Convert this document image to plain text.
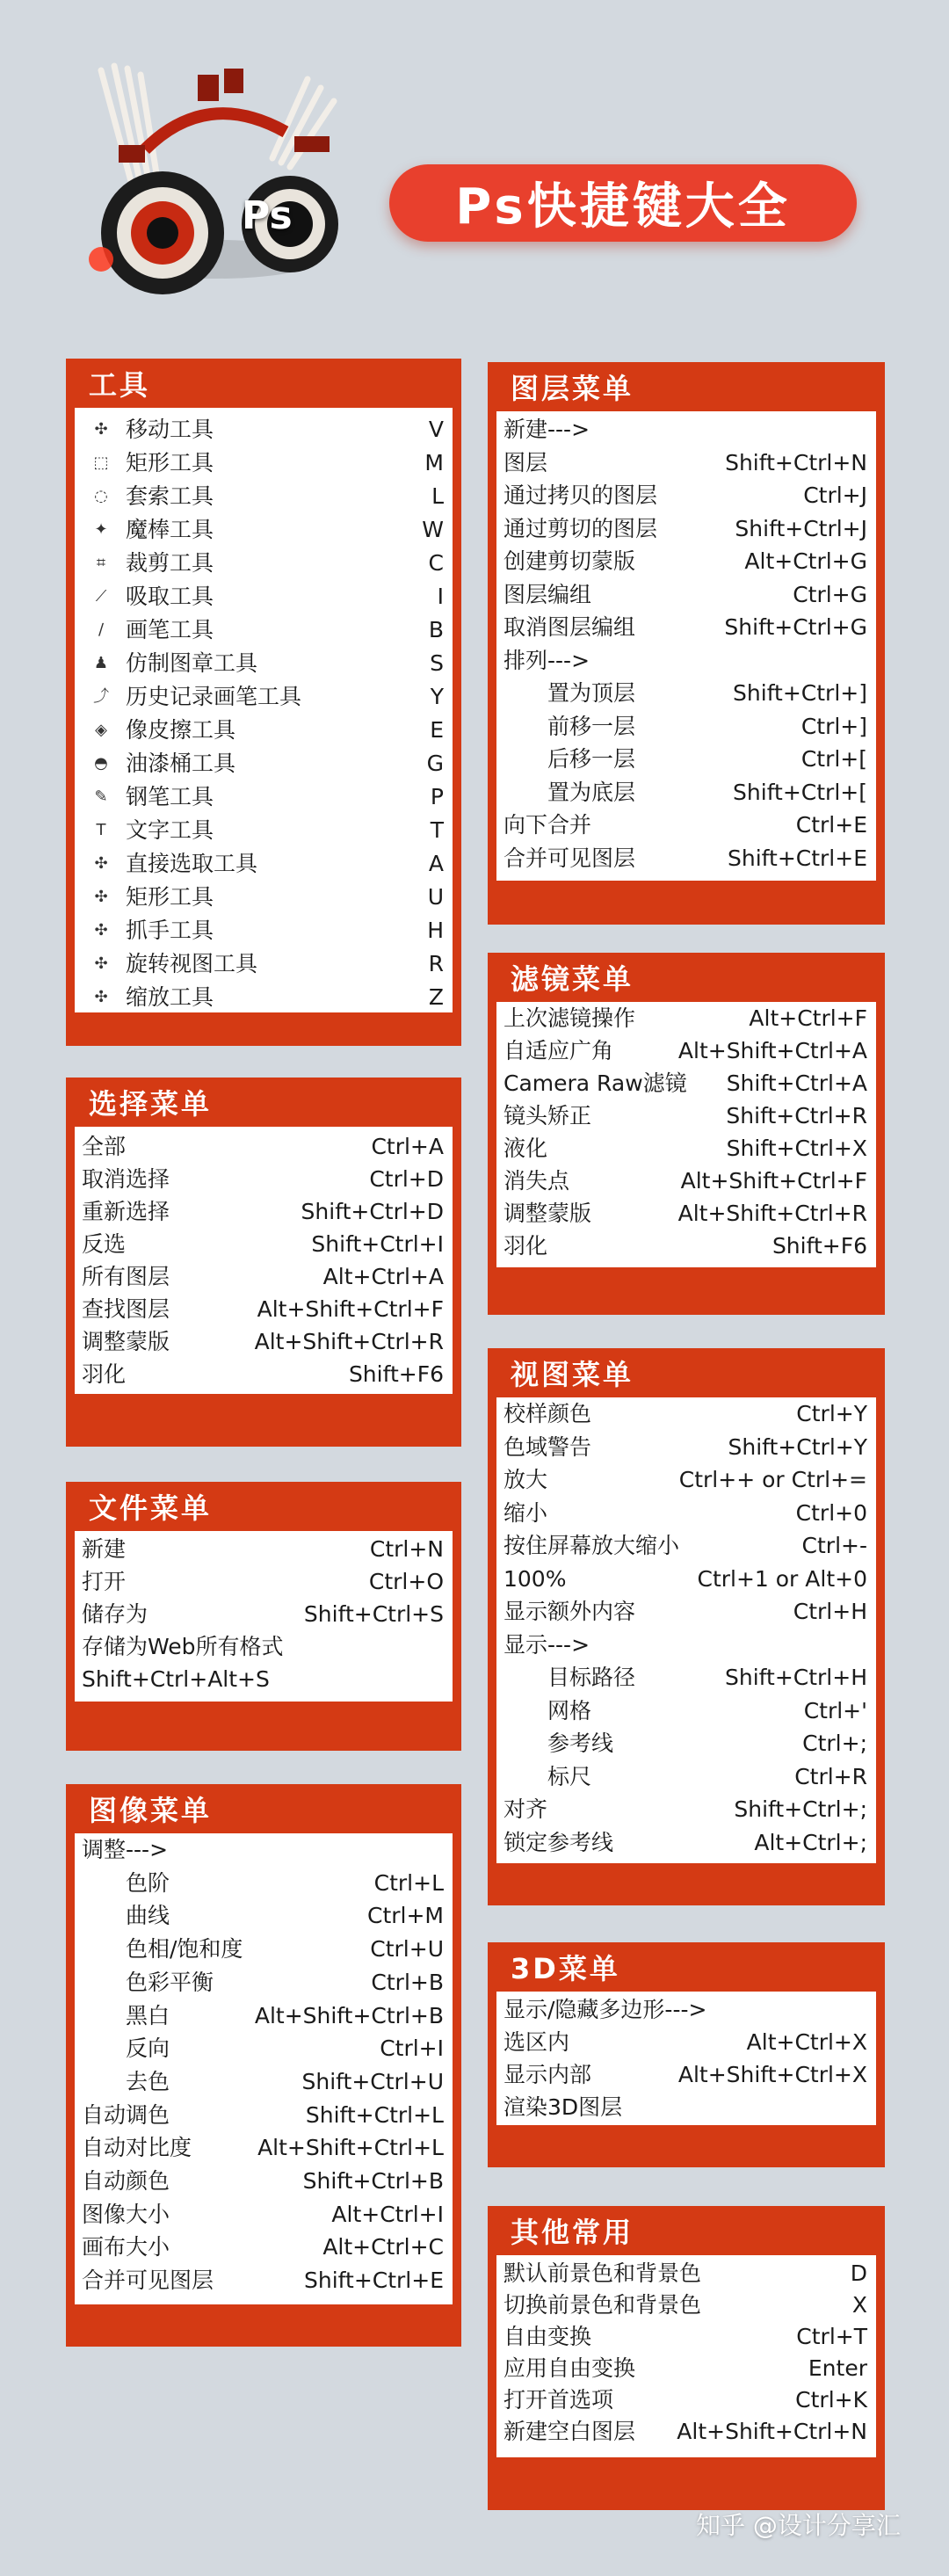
Ps	Ps快捷键大全
工具
✣ 移动工具	V
⬚ 矩形工具	M
◌ 套索工具	L
✦ 魔棒工具	W
⌗ 裁剪工具	C
⟋ 吸取工具	I
∕ 画笔工具	B
♟ 仿制图章工具	S
⤴ 历史记录画笔工具	Y
◈ 像皮擦工具	E
◓ 油漆桶工具	G
✎ 钢笔工具	P
T 文字工具	T
✣ 直接选取工具	A
✣ 矩形工具	U
✣ 抓手工具	H
✣ 旋转视图工具	R
✣ 缩放工具	Z
选择菜单
全部	Ctrl+A
取消选择	Ctrl+D
重新选择	Shift+Ctrl+D
反选	Shift+Ctrl+I
所有图层	Alt+Ctrl+A
查找图层	Alt+Shift+Ctrl+F
调整蒙版	Alt+Shift+Ctrl+R
羽化	Shift+F6
文件菜单
新建	Ctrl+N
打开	Ctrl+O
储存为	Shift+Ctrl+S
存储为Web所有格式
Shift+Ctrl+Alt+S
图像菜单
调整--->
色阶	Ctrl+L
曲线	Ctrl+M
色相/饱和度	Ctrl+U
色彩平衡	Ctrl+B
黑白	Alt+Shift+Ctrl+B
反向	Ctrl+I
去色	Shift+Ctrl+U
自动调色	Shift+Ctrl+L
自动对比度	Alt+Shift+Ctrl+L
自动颜色	Shift+Ctrl+B
图像大小	Alt+Ctrl+I
画布大小	Alt+Ctrl+C
合并可见图层	Shift+Ctrl+E
图层菜单
新建--->
图层	Shift+Ctrl+N
通过拷贝的图层	Ctrl+J
通过剪切的图层	Shift+Ctrl+J
创建剪切蒙版	Alt+Ctrl+G
图层编组	Ctrl+G
取消图层编组	Shift+Ctrl+G
排列--->
置为顶层	Shift+Ctrl+]
前移一层	Ctrl+]
后移一层	Ctrl+[
置为底层	Shift+Ctrl+[
向下合并	Ctrl+E
合并可见图层	Shift+Ctrl+E
滤镜菜单
上次滤镜操作	Alt+Ctrl+F
自适应广角	Alt+Shift+Ctrl+A
Camera Raw滤镜 Shift+Ctrl+A
镜头矫正	Shift+Ctrl+R
液化	Shift+Ctrl+X
消失点	Alt+Shift+Ctrl+F
调整蒙版	Alt+Shift+Ctrl+R
羽化	Shift+F6
视图菜单
校样颜色	Ctrl+Y
色域警告	Shift+Ctrl+Y
放大	Ctrl++ or Ctrl+=
缩小	Ctrl+0
按住屏幕放大缩小	Ctrl+-
100%	Ctrl+1 or Alt+0
显示额外内容	Ctrl+H
显示--->
目标路径	Shift+Ctrl+H
网格	Ctrl+'
参考线	Ctrl+;
标尺	Ctrl+R
对齐	Shift+Ctrl+;
锁定参考线	Alt+Ctrl+;
3D菜单
显示/隐藏多边形--->
选区内	Alt+Ctrl+X
显示内部	Alt+Shift+Ctrl+X
渲染3D图层
其他常用
默认前景色和背景色	D
切换前景色和背景色	X
自由变换	Ctrl+T
应用自由变换	Enter
打开首选项	Ctrl+K
新建空白图层 Alt+Shift+Ctrl+N
知乎 @设计分享汇
